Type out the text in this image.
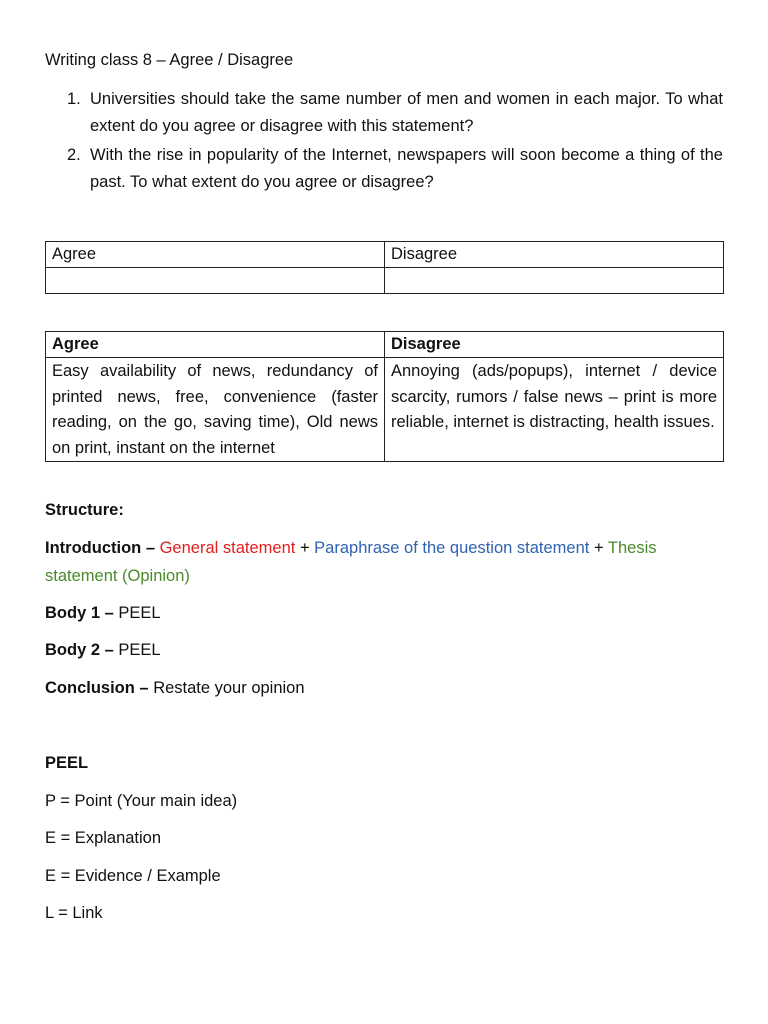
Writing class 8 – Agree / Disagree
1. Universities should take the same number of men and women in each major. To what extent do you agree or disagree with this statement?
2. With the rise in popularity of the Internet, newspapers will soon become a thing of the past. To what extent do you agree or disagree?
Agree	Disagree

Agree	Disagree
Easy availability of news, redundancy of printed news, free, convenience (faster reading, on the go, saving time), Old news on print, instant on the internet	Annoying (ads/popups), internet / device scarcity, rumors / false news – print is more reliable, internet is distracting, health issues.
Structure:
Introduction – General statement + Paraphrase of the question statement + Thesis statement (Opinion)
Body 1 – PEEL
Body 2 – PEEL
Conclusion – Restate your opinion
PEEL
P = Point (Your main idea)
E = Explanation
E = Evidence / Example
L = Link
